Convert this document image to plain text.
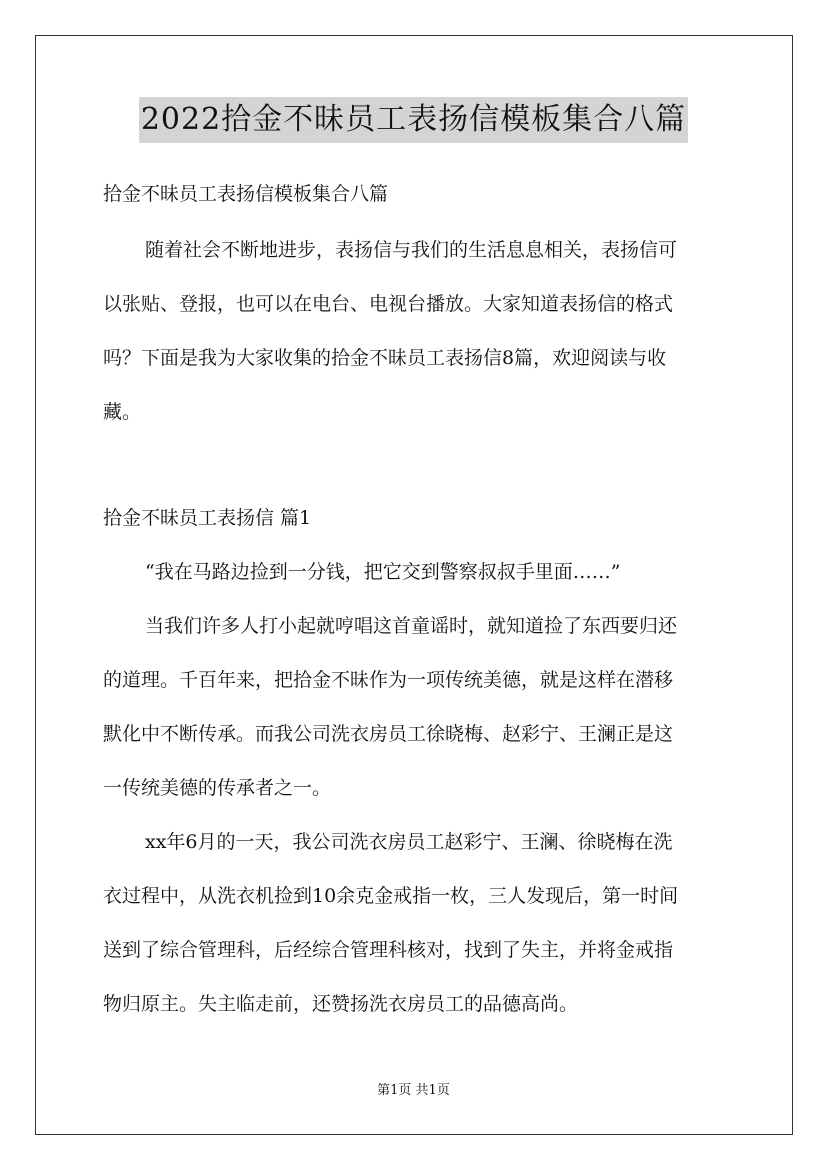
2022拾金不昧员工表扬信模板集合八篇
拾金不昧员工表扬信模板集合八篇
随着社会不断地进步，表扬信与我们的生活息息相关，表扬信可
以张贴、登报，也可以在电台、电视台播放。大家知道表扬信的格式
吗？下面是我为大家收集的拾金不昧员工表扬信8篇，欢迎阅读与收
藏。
拾金不昧员工表扬信 篇1
“我在马路边捡到一分钱，把它交到警察叔叔手里面……”
当我们许多人打小起就哼唱这首童谣时，就知道捡了东西要归还
的道理。千百年来，把拾金不昧作为一项传统美德，就是这样在潜移
默化中不断传承。而我公司洗衣房员工徐晓梅、赵彩宁、王澜正是这
一传统美德的传承者之一。
xx年6月的一天，我公司洗衣房员工赵彩宁、王澜、徐晓梅在洗
衣过程中，从洗衣机捡到10余克金戒指一枚，三人发现后，第一时间
送到了综合管理科，后经综合管理科核对，找到了失主，并将金戒指
物归原主。失主临走前，还赞扬洗衣房员工的品德高尚。
第1页 共1页
